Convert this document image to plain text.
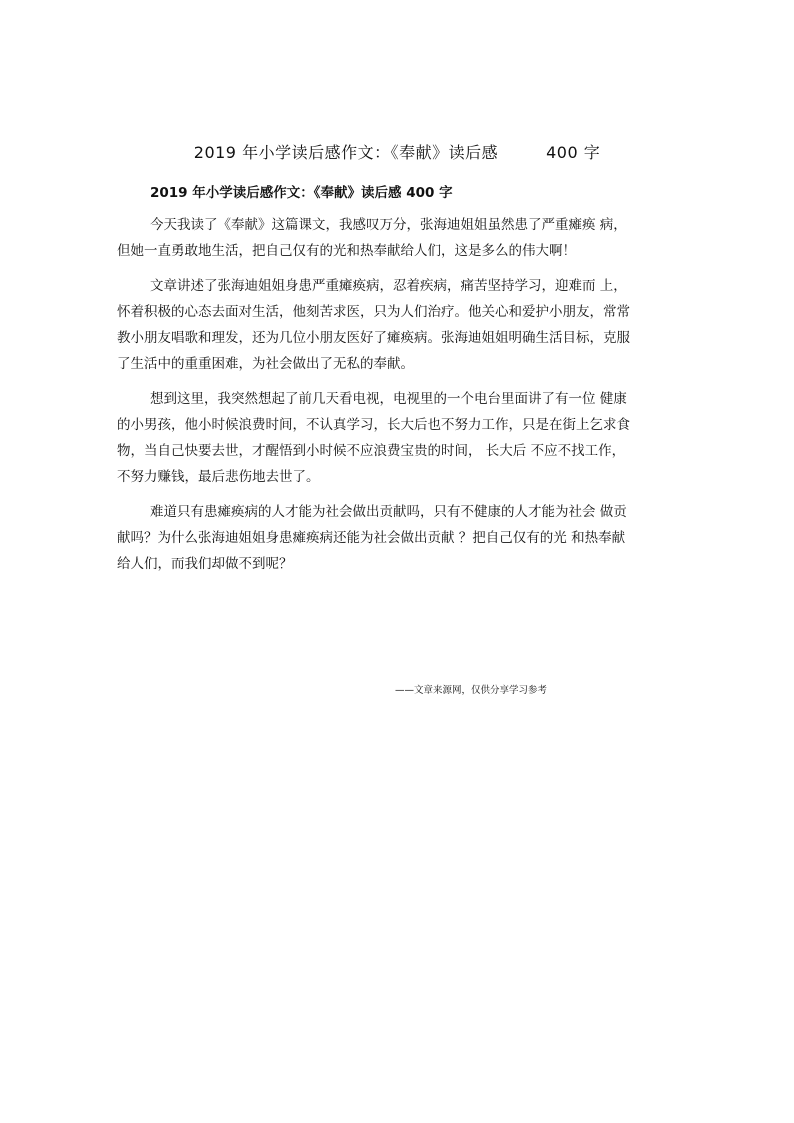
2019 年小学读后感作文：《奉献》读后感	400 字
2019 年小学读后感作文：《奉献》读后感 400 字

今天我读了《奉献》这篇课文，我感叹万分，张海迪姐姐虽然患了严重瘫痪 病，
但她一直勇敢地生活，把自己仅有的光和热奉献给人们，这是多么的伟大啊！

文章讲述了张海迪姐姐身患严重瘫痪病，忍着疾病，痛苦坚持学习，迎难而 上，
怀着积极的心态去面对生活，他刻苦求医，只为人们治疗。他关心和爱护小朋友，常常
教小朋友唱歌和理发，还为几位小朋友医好了瘫痪病。张海迪姐姐明确生活目标，克服
了生活中的重重困难，为社会做出了无私的奉献。

想到这里，我突然想起了前几天看电视，电视里的一个电台里面讲了有一位 健康
的小男孩，他小时候浪费时间，不认真学习，长大后也不努力工作，只是在街上乞求食
物，当自己快要去世，才醒悟到小时候不应浪费宝贵的时间， 长大后 不应不找工作，
不努力赚钱，最后悲伤地去世了。

难道只有患瘫痪病的人才能为社会做出贡献吗，只有不健康的人才能为社会 做贡
献吗？为什么张海迪姐姐身患瘫痪病还能为社会做出贡献 ？把自己仅有的光 和热奉献
给人们，而我们却做不到呢？

——文章来源网，仅供分享学习参考
